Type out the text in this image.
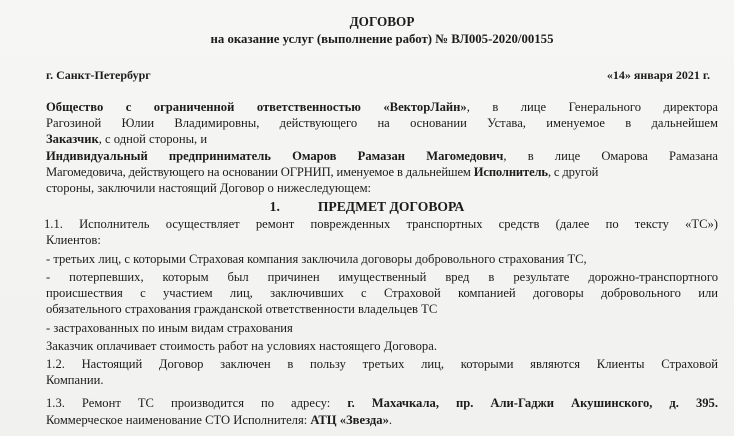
ДОГОВОР
на оказание услуг (выполнение работ) № ВЛ005-2020/00155
г. Санкт-Петербург	«14» января 2021 г.
Общество с ограниченной ответственностью «ВекторЛайн», в лице Генерального директора
Рагозиной Юлии Владимировны, действующего на основании Устава, именуемое в дальнейшем
Заказчик, с одной стороны, и
Индивидуальный предприниматель Омаров Рамазан Магомедович, в лице Омарова Рамазана
Магомедовича, действующего на основании ОГРНИП, именуемое в дальнейшем Исполнитель, с другой
стороны, заключили настоящий Договор о нижеследующем:
1.	ПРЕДМЕТ ДОГОВОРА
1.1. Исполнитель осуществляет ремонт поврежденных транспортных средств (далее по тексту «ТС»)
Клиентов:
- третьих лиц, с которыми Страховая компания заключила договоры добровольного страхования ТС,
- потерпевших, которым был причинен имущественный вред в результате дорожно-транспортного
происшествия с участием лиц, заключивших с Страховой компанией договоры добровольного или
обязательного страхования гражданской ответственности владельцев ТС
- застрахованных по иным видам страхования
Заказчик оплачивает стоимость работ на условиях настоящего Договора.
1.2. Настоящий Договор заключен в пользу третьих лиц, которыми являются Клиенты Страховой
Компании.
1.3. Ремонт ТС производится по адресу: г. Махачкала, пр. Али-Гаджи Акушинского, д. 395.
Коммерческое наименование СТО Исполнителя: АТЦ «Звезда».
